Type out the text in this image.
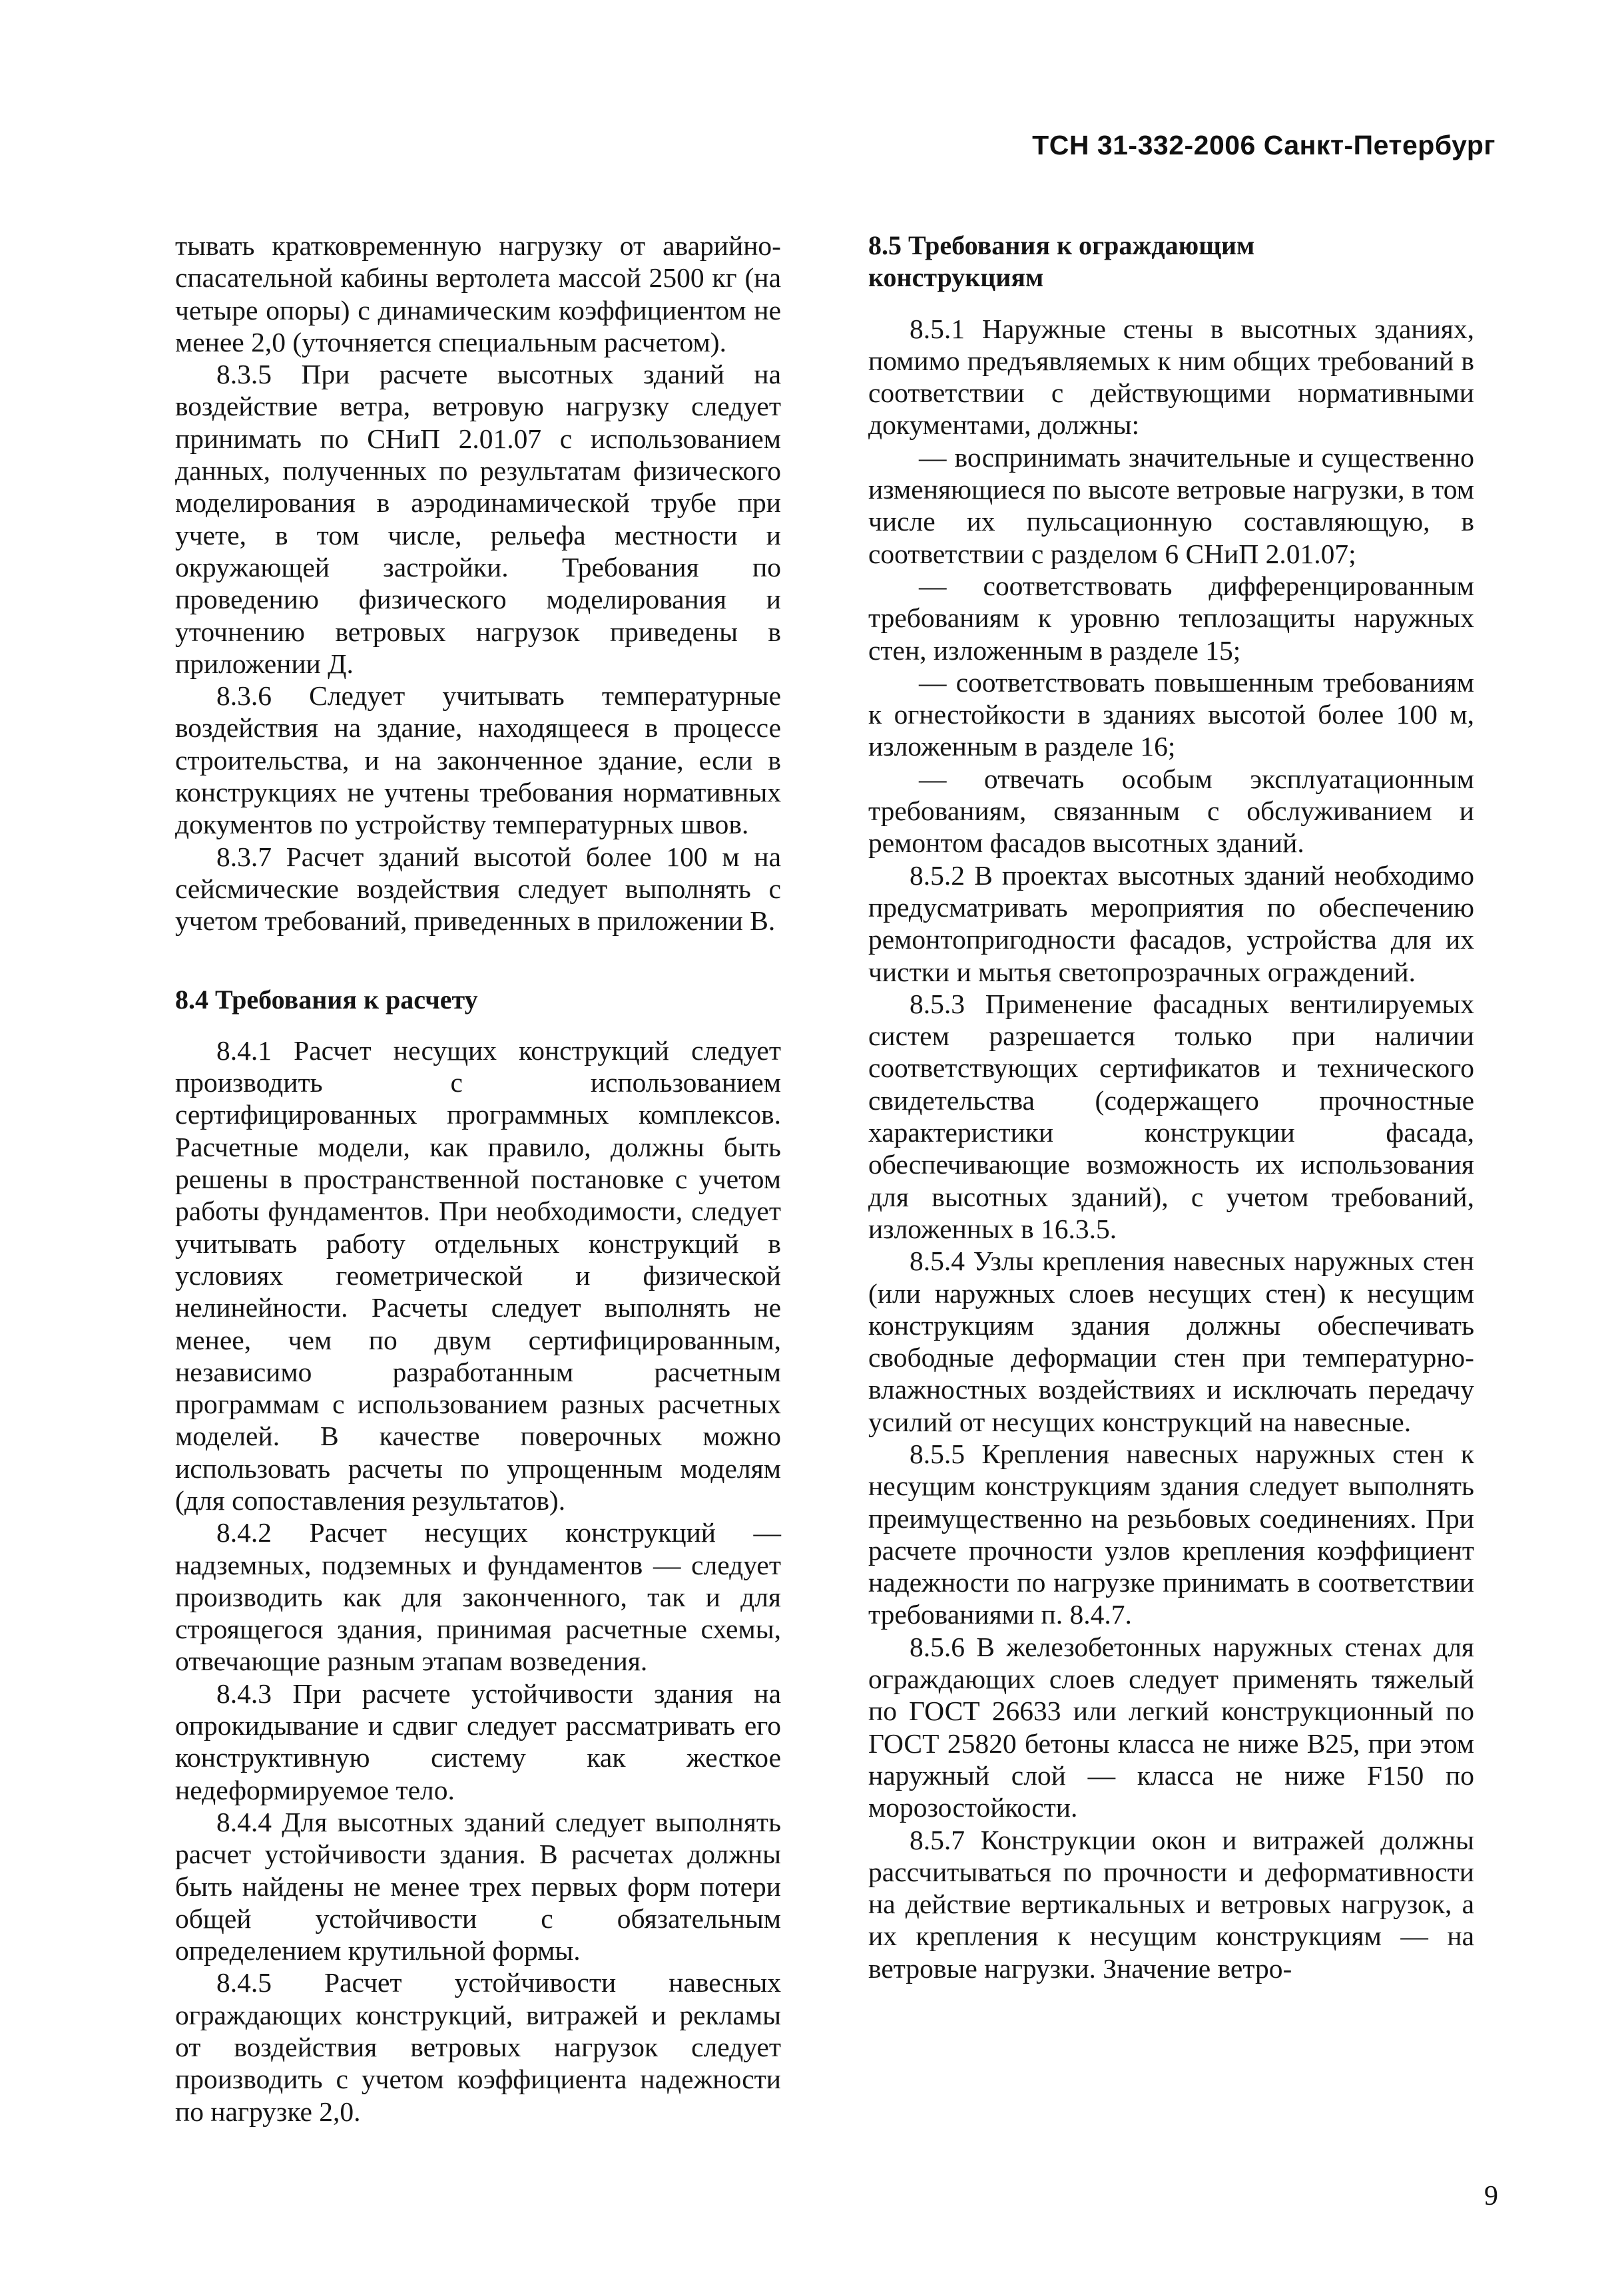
ТСН 31-332-2006 Санкт-Петербург

тывать кратковременную нагрузку от аварийно-спасательной кабины вертолета массой 2500 кг (на четыре опоры) с динамическим коэффициентом не менее 2,0 (уточняется специальным расчетом).

8.3.5 При расчете высотных зданий на воздействие ветра, ветровую нагрузку следует принимать по СНиП 2.01.07 с использованием данных, полученных по результатам физического моделирования в аэродинамической трубе при учете, в том числе, рельефа местности и окружающей застройки. Требования по проведению физического моделирования и уточнению ветровых нагрузок приведены в приложении Д.

8.3.6 Следует учитывать температурные воздействия на здание, находящееся в процессе строительства, и на законченное здание, если в конструкциях не учтены требования нормативных документов по устройству температурных швов.

8.3.7 Расчет зданий высотой более 100 м на сейсмические воздействия следует выполнять с учетом требований, приведенных в приложении В.

8.4 Требования к расчету

8.4.1 Расчет несущих конструкций следует производить с использованием сертифицированных программных комплексов. Расчетные модели, как правило, должны быть решены в пространственной постановке с учетом работы фундаментов. При необходимости, следует учитывать работу отдельных конструкций в условиях геометрической и физической нелинейности. Расчеты следует выполнять не менее, чем по двум сертифицированным, независимо разработанным расчетным программам с использованием разных расчетных моделей. В качестве поверочных можно использовать расчеты по упрощенным моделям (для сопоставления результатов).

8.4.2 Расчет несущих конструкций — надземных, подземных и фундаментов — следует производить как для законченного, так и для строящегося здания, принимая расчетные схемы, отвечающие разным этапам возведения.

8.4.3 При расчете устойчивости здания на опрокидывание и сдвиг следует рассматривать его конструктивную систему как жесткое недеформируемое тело.

8.4.4 Для высотных зданий следует выполнять расчет устойчивости здания. В расчетах должны быть найдены не менее трех первых форм потери общей устойчивости с обязательным определением крутильной формы.

8.4.5 Расчет устойчивости навесных ограждающих конструкций, витражей и рекламы от воздействия ветровых нагрузок следует производить с учетом коэффициента надежности по нагрузке 2,0.

8.5 Требования к ограждающим конструкциям

8.5.1 Наружные стены в высотных зданиях, помимо предъявляемых к ним общих требований в соответствии с действующими нормативными документами, должны:

— воспринимать значительные и существенно изменяющиеся по высоте ветровые нагрузки, в том числе их пульсационную составляющую, в соответствии с разделом 6 СНиП 2.01.07;

— соответствовать дифференцированным требованиям к уровню теплозащиты наружных стен, изложенным в разделе 15;

— соответствовать повышенным требованиям к огнестойкости в зданиях высотой более 100 м, изложенным в разделе 16;

— отвечать особым эксплуатационным требованиям, связанным с обслуживанием и ремонтом фасадов высотных зданий.

8.5.2 В проектах высотных зданий необходимо предусматривать мероприятия по обеспечению ремонтопригодности фасадов, устройства для их чистки и мытья светопрозрачных ограждений.

8.5.3 Применение фасадных вентилируемых систем разрешается только при наличии соответствующих сертификатов и технического свидетельства (содержащего прочностные характеристики конструкции фасада, обеспечивающие возможность их использования для высотных зданий), с учетом требований, изложенных в 16.3.5.

8.5.4 Узлы крепления навесных наружных стен (или наружных слоев несущих стен) к несущим конструкциям здания должны обеспечивать свободные деформации стен при температурно-влажностных воздействиях и исключать передачу усилий от несущих конструкций на навесные.

8.5.5 Крепления навесных наружных стен к несущим конструкциям здания следует выполнять преимущественно на резьбовых соединениях. При расчете прочности узлов крепления коэффициент надежности по нагрузке принимать в соответствии требованиями п. 8.4.7.

8.5.6 В железобетонных наружных стенах для ограждающих слоев следует применять тяжелый по ГОСТ 26633 или легкий конструкционный по ГОСТ 25820 бетоны класса не ниже В25, при этом наружный слой — класса не ниже F150 по морозостойкости.

8.5.7 Конструкции окон и витражей должны рассчитываться по прочности и деформативности на действие вертикальных и ветровых нагрузок, а их крепления к несущим конструкциям — на ветровые нагрузки. Значение ветро-

9
